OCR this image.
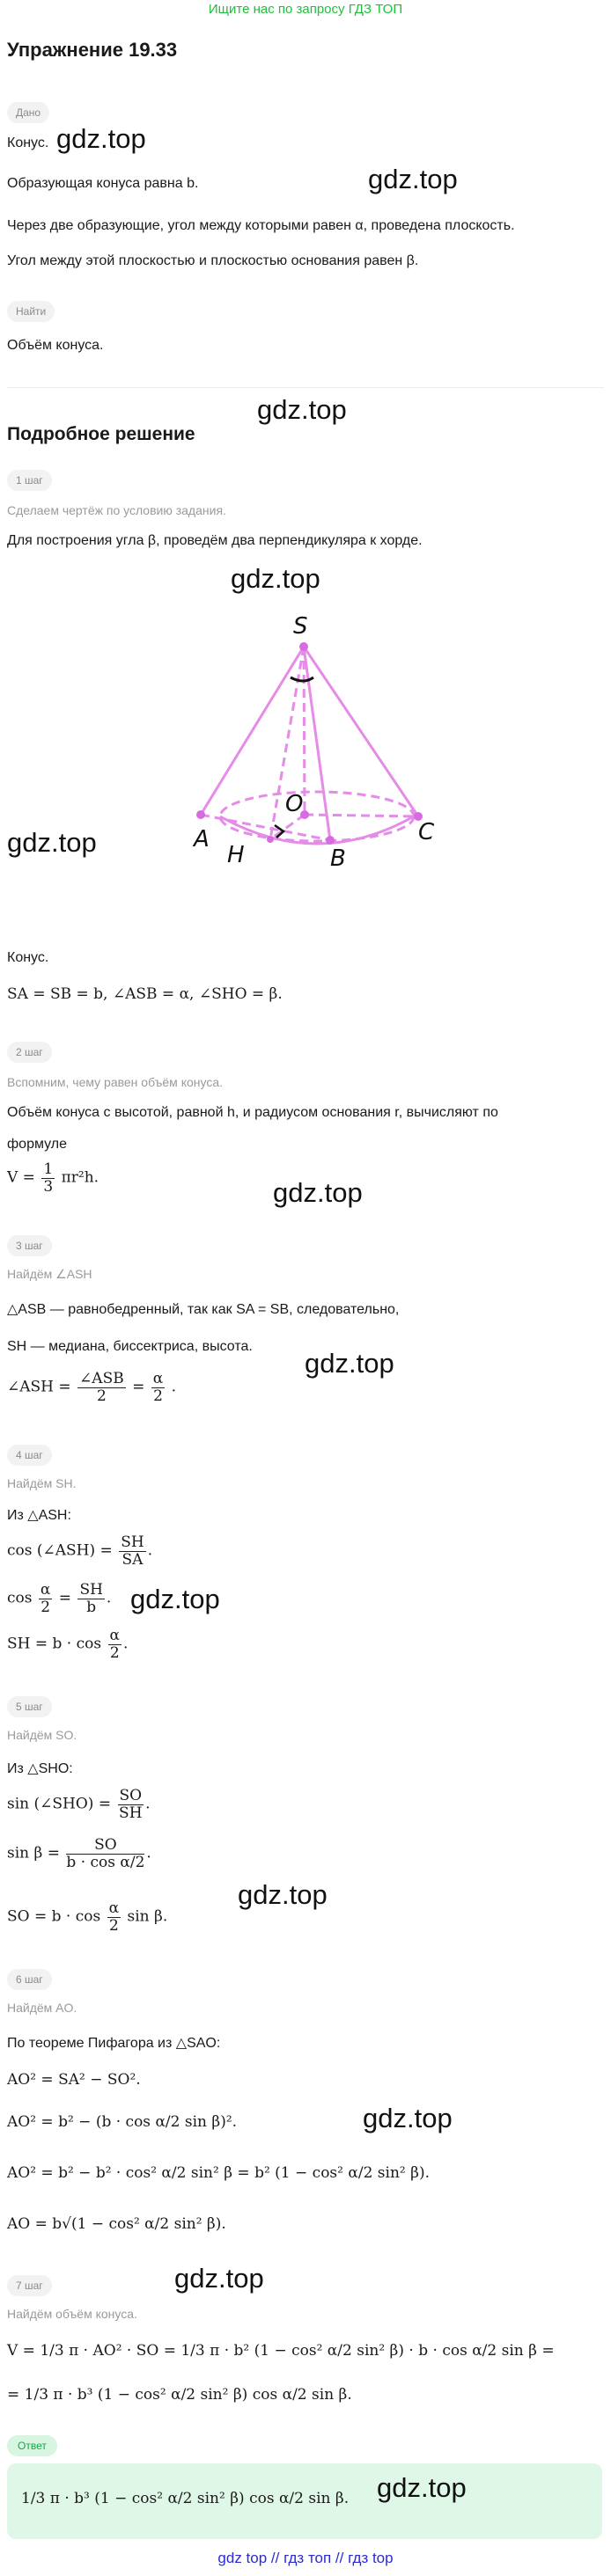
Ищите нас по запросу ГДЗ ТОП
Упражнение 19.33
Дано
Конус. gdz.top
Образующая конуса равна b.	gdz.top
Через две образующие, угол между которыми равен α, проведена плоскость.
Угол между этой плоскостью и плоскостью основания равен β.
Найти
Объём конуса.
gdz.top
Подробное решение
1 шаг
Сделаем чертёж по условию задания.
Для построения угла β, проведём два перпендикуляра к хорде.
gdz.top
S
O
A
H	B
C
gdz.top
Конус.
SA = SB = b, ∠ASB = α, ∠SHO = β.
2 шаг
Вспомним, чему равен объём конуса.
Объём конуса с высотой, равной h, и радиусом основания r, вычисляют по
формуле
$V = \frac{1}{3} \pi r^2h$.	gdz.top
3 шаг
Найдём ∠ASH
△ASB — равнобедренный, так как SA = SB, следовательно,
SH — медиана, биссектриса, высота.
gdz.top
∠ASH = $\frac{\text{∠ASB}}{2} = \frac{\alpha}{2}$ .
4 шаг
Найдём SH.
Из △ASH:
cos (∠ASH) = $\frac{SH}{SA}$ .
$\cos \frac{\alpha}{2} = \frac{SH}{b}$ . gdz.top
SH = $b \cdot \cos \frac{\alpha}{2}$ .
5 шаг
Найдём SO.
Из △SHO:
sin (∠SHO) = $\frac{SO}{SH}$ .
$\sin \beta = \frac{SO}{\text{b · cos α/2}}$ .
gdz.top
SO = $b \cdot \cos \frac{\alpha}{2}$ sin β.
6 шаг
Найдём AO.
По теореме Пифагора из △SAO:
AO² = SA² − SO².
AO² = b² − (b · cos α/2 sin β)².	gdz.top
AO² = b² − b² · cos² α/2 sin² β = b² (1 − cos² α/2 sin² β).
AO = b√(1 − cos² α/2 sin² β).
7 шаг	gdz.top
Найдём объём конуса.
V = 1/3 π · AO² · SO = 1/3 π · b² (1 − cos² α/2 sin² β) · b · cos α/2 sin β =
= 1/3 π · b³ (1 − cos² α/2 sin² β) cos α/2 sin β.
Ответ
1/3 π · b³ (1 − cos² α/2 sin² β) cos α/2 sin β. gdz.top
gdz top // гдз топ // гдз top
